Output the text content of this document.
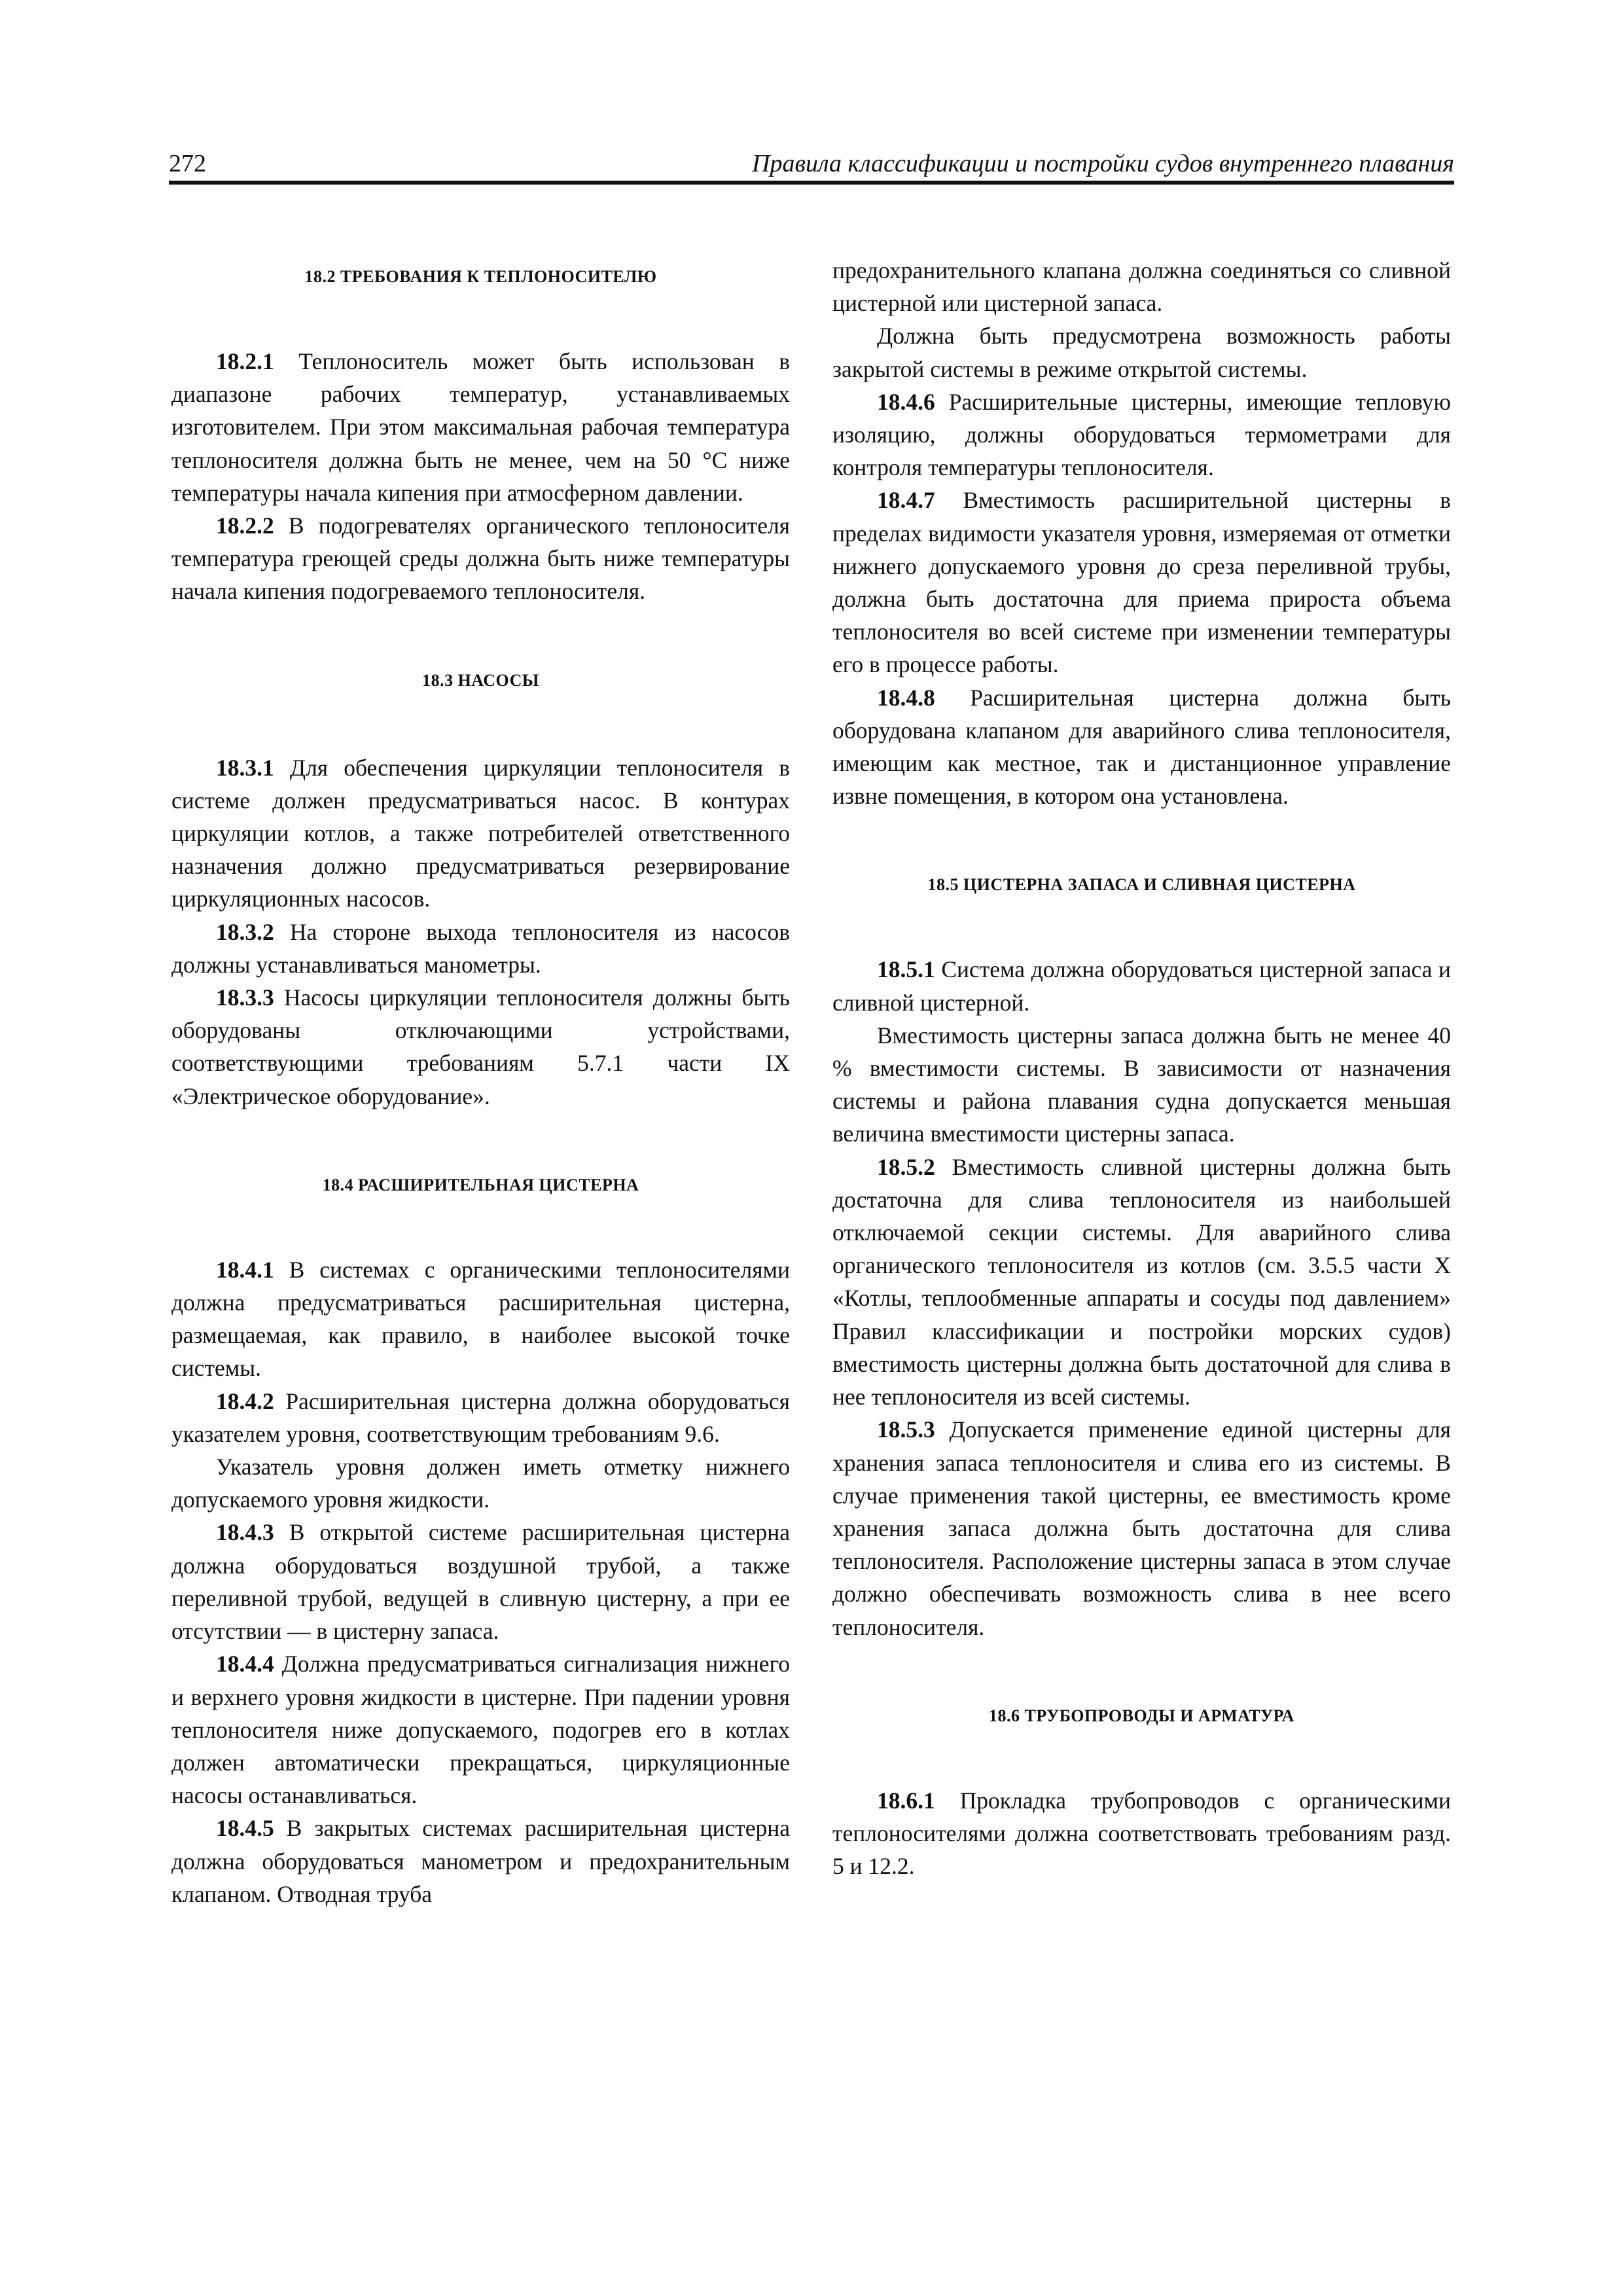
272	Правила классификации и постройки судов внутреннего плавания
18.2 ТРЕБОВАНИЯ К ТЕПЛОНОСИТЕЛЮ

18.2.1 Теплоноситель может быть использован в диапазоне рабочих температур, устанавливаемых изготовителем. При этом максимальная рабочая температура теплоносителя должна быть не менее, чем на 50 °C ниже температуры начала кипения при атмосферном давлении.

18.2.2 В подогревателях органического теплоносителя температура греющей среды должна быть ниже температуры начала кипения подогреваемого теплоносителя.

18.3 НАСОСЫ

18.3.1 Для обеспечения циркуляции теплоносителя в системе должен предусматриваться насос. В контурах циркуляции котлов, а также потребителей ответственного назначения должно предусматриваться резервирование циркуляционных насосов.

18.3.2 На стороне выхода теплоносителя из насосов должны устанавливаться манометры.

18.3.3 Насосы циркуляции теплоносителя должны быть оборудованы отключающими устройствами, соответствующими требованиям 5.7.1 части IX «Электрическое оборудование».

18.4 РАСШИРИТЕЛЬНАЯ ЦИСТЕРНА

18.4.1 В системах с органическими теплоносителями должна предусматриваться расширительная цистерна, размещаемая, как правило, в наиболее высокой точке системы.

18.4.2 Расширительная цистерна должна оборудоваться указателем уровня, соответствующим требованиям 9.6.

Указатель уровня должен иметь отметку нижнего допускаемого уровня жидкости.

18.4.3 В открытой системе расширительная цистерна должна оборудоваться воздушной трубой, а также переливной трубой, ведущей в сливную цистерну, а при ее отсутствии — в цистерну запаса.

18.4.4 Должна предусматриваться сигнализация нижнего и верхнего уровня жидкости в цистерне. При падении уровня теплоносителя ниже допускаемого, подогрев его в котлах должен автоматически прекращаться, циркуляционные насосы останавливаться.

18.4.5 В закрытых системах расширительная цистерна должна оборудоваться манометром и предохранительным клапаном. Отводная труба

предохранительного клапана должна соединяться со сливной цистерной или цистерной запаса.

Должна быть предусмотрена возможность работы закрытой системы в режиме открытой системы.

18.4.6 Расширительные цистерны, имеющие тепловую изоляцию, должны оборудоваться термометрами для контроля температуры теплоносителя.

18.4.7 Вместимость расширительной цистерны в пределах видимости указателя уровня, измеряемая от отметки нижнего допускаемого уровня до среза переливной трубы, должна быть достаточна для приема прироста объема теплоносителя во всей системе при изменении температуры его в процессе работы.

18.4.8 Расширительная цистерна должна быть оборудована клапаном для аварийного слива теплоносителя, имеющим как местное, так и дистанционное управление извне помещения, в котором она установлена.

18.5 ЦИСТЕРНА ЗАПАСА И СЛИВНАЯ ЦИСТЕРНА

18.5.1 Система должна оборудоваться цистерной запаса и сливной цистерной.

Вместимость цистерны запаса должна быть не менее 40 % вместимости системы. В зависимости от назначения системы и района плавания судна допускается меньшая величина вместимости цистерны запаса.

18.5.2 Вместимость сливной цистерны должна быть достаточна для слива теплоносителя из наибольшей отключаемой секции системы. Для аварийного слива органического теплоносителя из котлов (см. 3.5.5 части X «Котлы, теплообменные аппараты и сосуды под давлением» Правил классификации и постройки морских судов) вместимость цистерны должна быть достаточной для слива в нее теплоносителя из всей системы.

18.5.3 Допускается применение единой цистерны для хранения запаса теплоносителя и слива его из системы. В случае применения такой цистерны, ее вместимость кроме хранения запаса должна быть достаточна для слива теплоносителя. Расположение цистерны запаса в этом случае должно обеспечивать возможность слива в нее всего теплоносителя.

18.6 ТРУБОПРОВОДЫ И АРМАТУРА

18.6.1 Прокладка трубопроводов с органическими теплоносителями должна соответствовать требованиям разд. 5 и 12.2.
